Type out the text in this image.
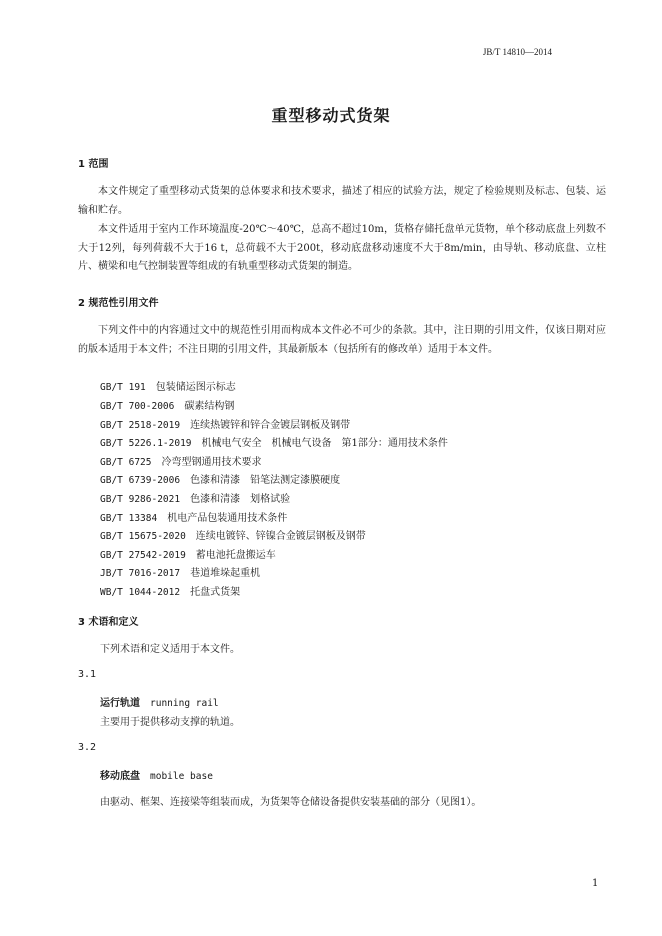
JB/T 14810—2014
重型移动式货架
1 范围
本文件规定了重型移动式货架的总体要求和技术要求，描述了相应的试验方法，规定了检验规则及标志、包装、运输和贮存。
本文件适用于室内工作环境温度-20℃～40℃，总高不超过10m，货格存储托盘单元货物，单个移动底盘上列数不大于12列，每列荷载不大于16 t，总荷载不大于200t，移动底盘移动速度不大于8m/min，由导轨、移动底盘、立柱片、横梁和电气控制装置等组成的有轨重型移动式货架的制造。
2 规范性引用文件
下列文件中的内容通过文中的规范性引用而构成本文件必不可少的条款。其中，注日期的引用文件，仅该日期对应的版本适用于本文件；不注日期的引用文件，其最新版本（包括所有的修改单）适用于本文件。
GB/T 191　 包装储运图示标志
GB/T 700-2006　 碳素结构钢
GB/T 2518-2019　 连续热镀锌和锌合金镀层钢板及钢带
GB/T 5226.1-2019　 机械电气安全　机械电气设备　第1部分：通用技术条件
GB/T 6725　 冷弯型钢通用技术要求
GB/T 6739-2006　 色漆和清漆　铅笔法测定漆膜硬度
GB/T 9286-2021　 色漆和清漆　划格试验
GB/T 13384　 机电产品包装通用技术条件
GB/T 15675-2020　 连续电镀锌、锌镍合金镀层钢板及钢带
GB/T 27542-2019　 蓄电池托盘搬运车
JB/T 7016-2017　 巷道堆垛起重机
WB/T 1044-2012　 托盘式货架
3 术语和定义
下列术语和定义适用于本文件。
3.1
运行轨道 running rail
主要用于提供移动支撑的轨道。
3.2
移动底盘 mobile base
由驱动、框架、连接梁等组装而成，为货架等仓储设备提供安装基础的部分（见图1）。
1
